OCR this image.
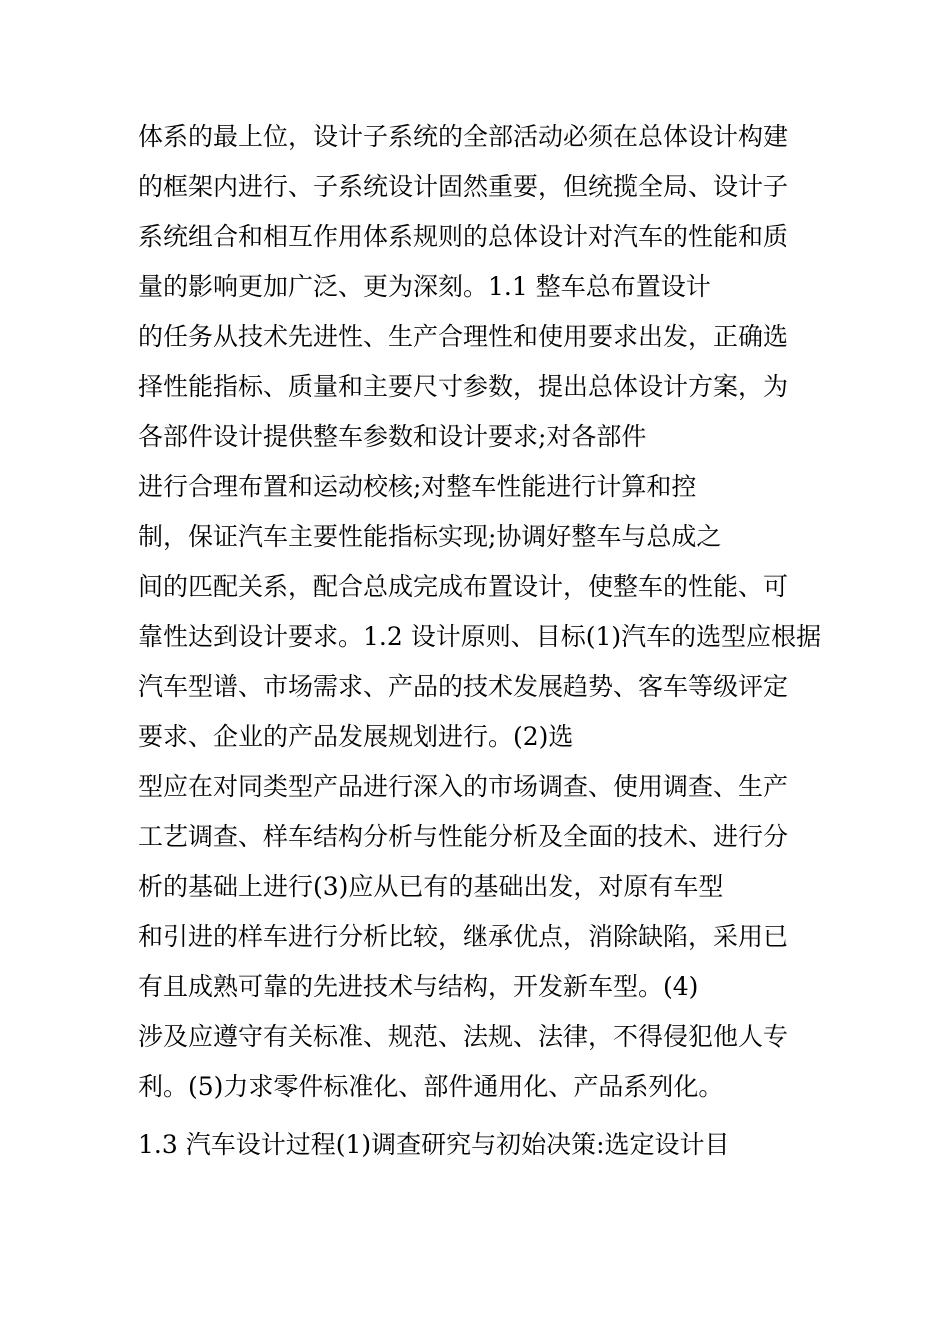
体系的最上位，设计子系统的全部活动必须在总体设计构建
的框架内进行、子系统设计固然重要，但统揽全局、设计子
系统组合和相互作用体系规则的总体设计对汽车的性能和质
量的影响更加广泛、更为深刻。1.1 整车总布置设计
的任务从技术先进性、生产合理性和使用要求出发，正确选
择性能指标、质量和主要尺寸参数，提出总体设计方案，为
各部件设计提供整车参数和设计要求;对各部件
进行合理布置和运动校核;对整车性能进行计算和控
制，保证汽车主要性能指标实现;协调好整车与总成之
间的匹配关系，配合总成完成布置设计，使整车的性能、可
靠性达到设计要求。1.2 设计原则、目标(1)汽车的选型应根据
汽车型谱、市场需求、产品的技术发展趋势、客车等级评定
要求、企业的产品发展规划进行。(2)选
型应在对同类型产品进行深入的市场调查、使用调查、生产
工艺调查、样车结构分析与性能分析及全面的技术、进行分
析的基础上进行(3)应从已有的基础出发，对原有车型
和引进的样车进行分析比较，继承优点，消除缺陷，采用已
有且成熟可靠的先进技术与结构，开发新车型。(4)
涉及应遵守有关标准、规范、法规、法律，不得侵犯他人专
利。(5)力求零件标准化、部件通用化、产品系列化。
1.3 汽车设计过程(1)调查研究与初始决策:选定设计目
